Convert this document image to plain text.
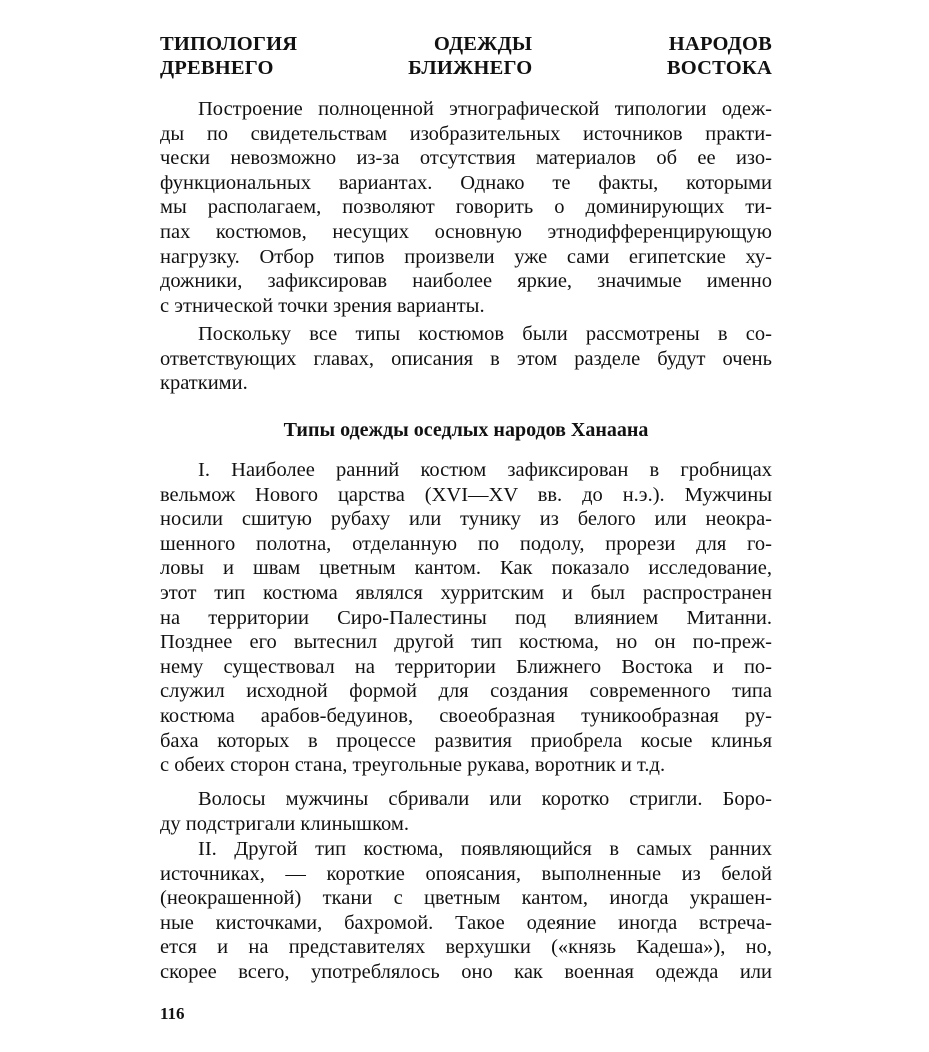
ТИПОЛОГИЯ ОДЕЖДЫ НАРОДОВ
ДРЕВНЕГО БЛИЖНЕГО ВОСТОКА
Построение полноценной этнографической типологии одеж-
ды по свидетельствам изобразительных источников практи-
чески невозможно из-за отсутствия материалов об ее изо-
функциональных вариантах. Однако те факты, которыми
мы располагаем, позволяют говорить о доминирующих ти-
пах костюмов, несущих основную этнодифференцирующую
нагрузку. Отбор типов произвели уже сами египетские ху-
дожники, зафиксировав наиболее яркие, значимые именно
с этнической точки зрения варианты.
Поскольку все типы костюмов были рассмотрены в со-
ответствующих главах, описания в этом разделе будут очень
краткими.
Типы одежды оседлых народов Ханаана
I. Наиболее ранний костюм зафиксирован в гробницах
вельмож Нового царства (XVI—XV вв. до н.э.). Мужчины
носили сшитую рубаху или тунику из белого или неокра-
шенного полотна, отделанную по подолу, прорези для го-
ловы и швам цветным кантом. Как показало исследование,
этот тип костюма являлся хурритским и был распространен
на территории Сиро-Палестины под влиянием Митанни.
Позднее его вытеснил другой тип костюма, но он по-преж-
нему существовал на территории Ближнего Востока и по-
служил исходной формой для создания современного типа
костюма арабов-бедуинов, своеобразная туникообразная ру-
баха которых в процессе развития приобрела косые клинья
с обеих сторон стана, треугольные рукава, воротник и т.д.
Волосы мужчины сбривали или коротко стригли. Боро-
ду подстригали клинышком.
II. Другой тип костюма, появляющийся в самых ранних
источниках, — короткие опоясания, выполненные из белой
(неокрашенной) ткани с цветным кантом, иногда украшен-
ные кисточками, бахромой. Такое одеяние иногда встреча-
ется и на представителях верхушки («князь Кадеша»), но,
скорее всего, употреблялось оно как военная одежда или
116
